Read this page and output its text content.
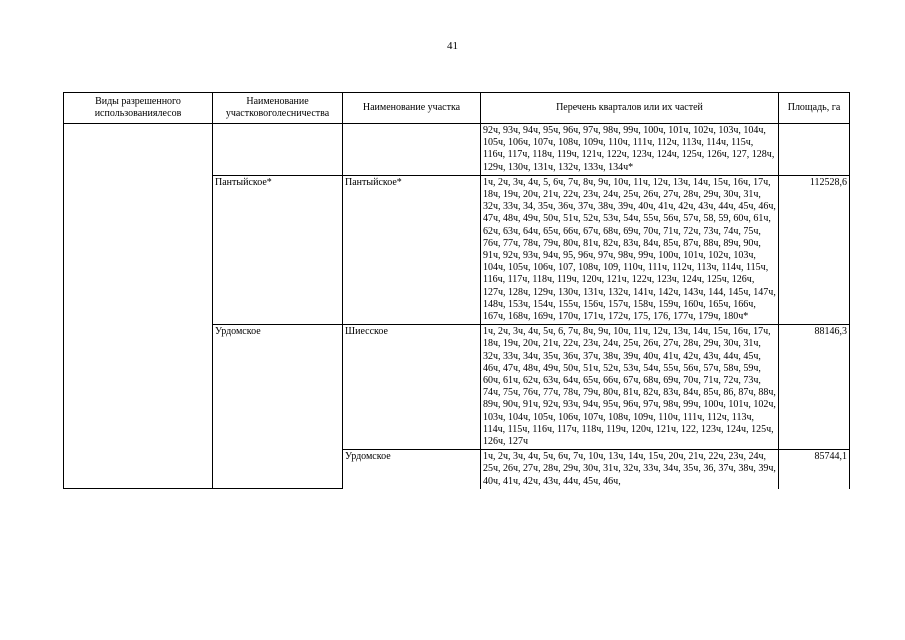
41
Виды разрешенного использованиялесов	Наименование участковоголесничества	Наименование участка	Перечень кварталов или их частей	Площадь, га
			92ч, 93ч, 94ч, 95ч, 96ч, 97ч, 98ч, 99ч, 100ч, 101ч, 102ч, 103ч, 104ч, 105ч, 106ч, 107ч, 108ч, 109ч, 110ч, 111ч, 112ч, 113ч, 114ч, 115ч, 116ч, 117ч, 118ч, 119ч, 121ч, 122ч, 123ч, 124ч, 125ч, 126ч, 127, 128ч, 129ч, 130ч, 131ч, 132ч, 133ч, 134ч*	
	Пантыйское*	Пантыйское*	1ч, 2ч, 3ч, 4ч, 5, 6ч, 7ч, 8ч, 9ч, 10ч, 11ч, 12ч, 13ч, 14ч, 15ч, 16ч, 17ч, 18ч, 19ч, 20ч, 21ч, 22ч, 23ч, 24ч, 25ч, 26ч, 27ч, 28ч, 29ч, 30ч, 31ч, 32ч, 33ч, 34, 35ч, 36ч, 37ч, 38ч, 39ч, 40ч, 41ч, 42ч, 43ч, 44ч, 45ч, 46ч, 47ч, 48ч, 49ч, 50ч, 51ч, 52ч, 53ч, 54ч, 55ч, 56ч, 57ч, 58, 59, 60ч, 61ч, 62ч, 63ч, 64ч, 65ч, 66ч, 67ч, 68ч, 69ч, 70ч, 71ч, 72ч, 73ч, 74ч, 75ч, 76ч, 77ч, 78ч, 79ч, 80ч, 81ч, 82ч, 83ч, 84ч, 85ч, 87ч, 88ч, 89ч, 90ч, 91ч, 92ч, 93ч, 94ч, 95, 96ч, 97ч, 98ч, 99ч, 100ч, 101ч, 102ч, 103ч, 104ч, 105ч, 106ч, 107, 108ч, 109, 110ч, 111ч, 112ч, 113ч, 114ч, 115ч, 116ч, 117ч, 118ч, 119ч, 120ч, 121ч, 122ч, 123ч, 124ч, 125ч, 126ч, 127ч, 128ч, 129ч, 130ч, 131ч, 132ч, 141ч, 142ч, 143ч, 144, 145ч, 147ч, 148ч, 153ч, 154ч, 155ч, 156ч, 157ч, 158ч, 159ч, 160ч, 165ч, 166ч, 167ч, 168ч, 169ч, 170ч, 171ч, 172ч, 175, 176, 177ч, 179ч, 180ч*	112528,6
	Урдомское	Шиесское	1ч, 2ч, 3ч, 4ч, 5ч, 6, 7ч, 8ч, 9ч, 10ч, 11ч, 12ч, 13ч, 14ч, 15ч, 16ч, 17ч, 18ч, 19ч, 20ч, 21ч, 22ч, 23ч, 24ч, 25ч, 26ч, 27ч, 28ч, 29ч, 30ч, 31ч, 32ч, 33ч, 34ч, 35ч, 36ч, 37ч, 38ч, 39ч, 40ч, 41ч, 42ч, 43ч, 44ч, 45ч, 46ч, 47ч, 48ч, 49ч, 50ч, 51ч, 52ч, 53ч, 54ч, 55ч, 56ч, 57ч, 58ч, 59ч, 60ч, 61ч, 62ч, 63ч, 64ч, 65ч, 66ч, 67ч, 68ч, 69ч, 70ч, 71ч, 72ч, 73ч, 74ч, 75ч, 76ч, 77ч, 78ч, 79ч, 80ч, 81ч, 82ч, 83ч, 84ч, 85ч, 86, 87ч, 88ч, 89ч, 90ч, 91ч, 92ч, 93ч, 94ч, 95ч, 96ч, 97ч, 98ч, 99ч, 100ч, 101ч, 102ч, 103ч, 104ч, 105ч, 106ч, 107ч, 108ч, 109ч, 110ч, 111ч, 112ч, 113ч, 114ч, 115ч, 116ч, 117ч, 118ч, 119ч, 120ч, 121ч, 122, 123ч, 124ч, 125ч, 126ч, 127ч	88146,3
		Урдомское	1ч, 2ч, 3ч, 4ч, 5ч, 6ч, 7ч, 10ч, 13ч, 14ч, 15ч, 20ч, 21ч, 22ч, 23ч, 24ч, 25ч, 26ч, 27ч, 28ч, 29ч, 30ч, 31ч, 32ч, 33ч, 34ч, 35ч, 36, 37ч, 38ч, 39ч, 40ч, 41ч, 42ч, 43ч, 44ч, 45ч, 46ч,	85744,1
